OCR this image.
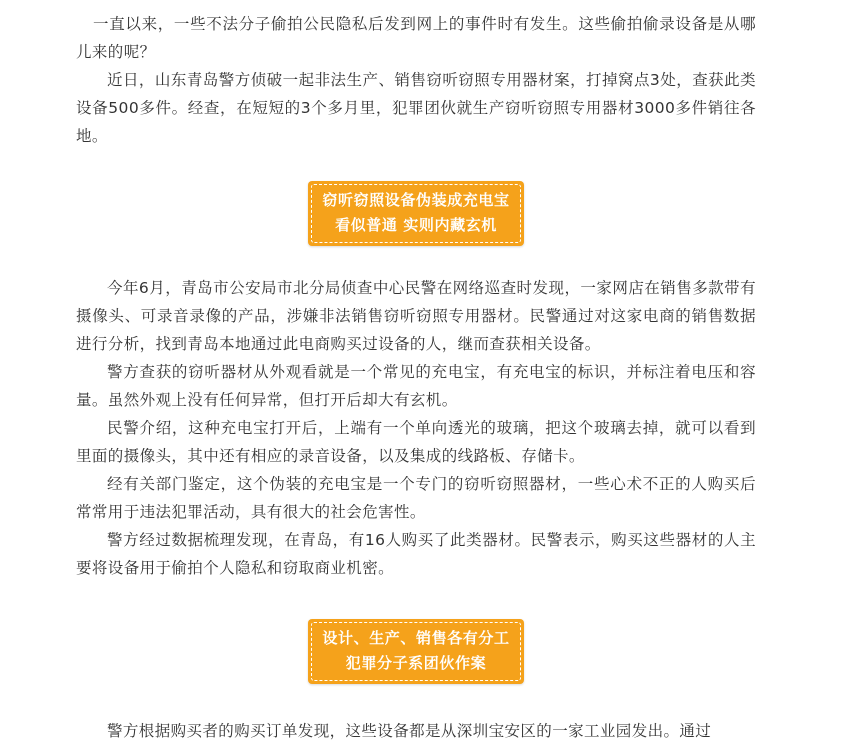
一直以来，一些不法分子偷拍公民隐私后发到网上的事件时有发生。这些偷拍偷录设备是从哪儿来的呢？

近日，山东青岛警方侦破一起非法生产、销售窃听窃照专用器材案，打掉窝点3处，查获此类设备500多件。经查，在短短的3个多月里，犯罪团伙就生产窃听窃照专用器材3000多件销往各地。

窃听窃照设备伪装成充电宝
看似普通 实则内藏玄机

今年6月，青岛市公安局市北分局侦查中心民警在网络巡查时发现，一家网店在销售多款带有摄像头、可录音录像的产品，涉嫌非法销售窃听窃照专用器材。民警通过对这家电商的销售数据进行分析，找到青岛本地通过此电商购买过设备的人，继而查获相关设备。

警方查获的窃听器材从外观看就是一个常见的充电宝，有充电宝的标识，并标注着电压和容量。虽然外观上没有任何异常，但打开后却大有玄机。

民警介绍，这种充电宝打开后，上端有一个单向透光的玻璃，把这个玻璃去掉，就可以看到里面的摄像头，其中还有相应的录音设备，以及集成的线路板、存储卡。

经有关部门鉴定，这个伪装的充电宝是一个专门的窃听窃照器材，一些心术不正的人购买后常常用于违法犯罪活动，具有很大的社会危害性。

警方经过数据梳理发现，在青岛，有16人购买了此类器材。民警表示，购买这些器材的人主要将设备用于偷拍个人隐私和窃取商业机密。

设计、生产、销售各有分工
犯罪分子系团伙作案

警方根据购买者的购买订单发现，这些设备都是从深圳宝安区的一家工业园发出。通过
